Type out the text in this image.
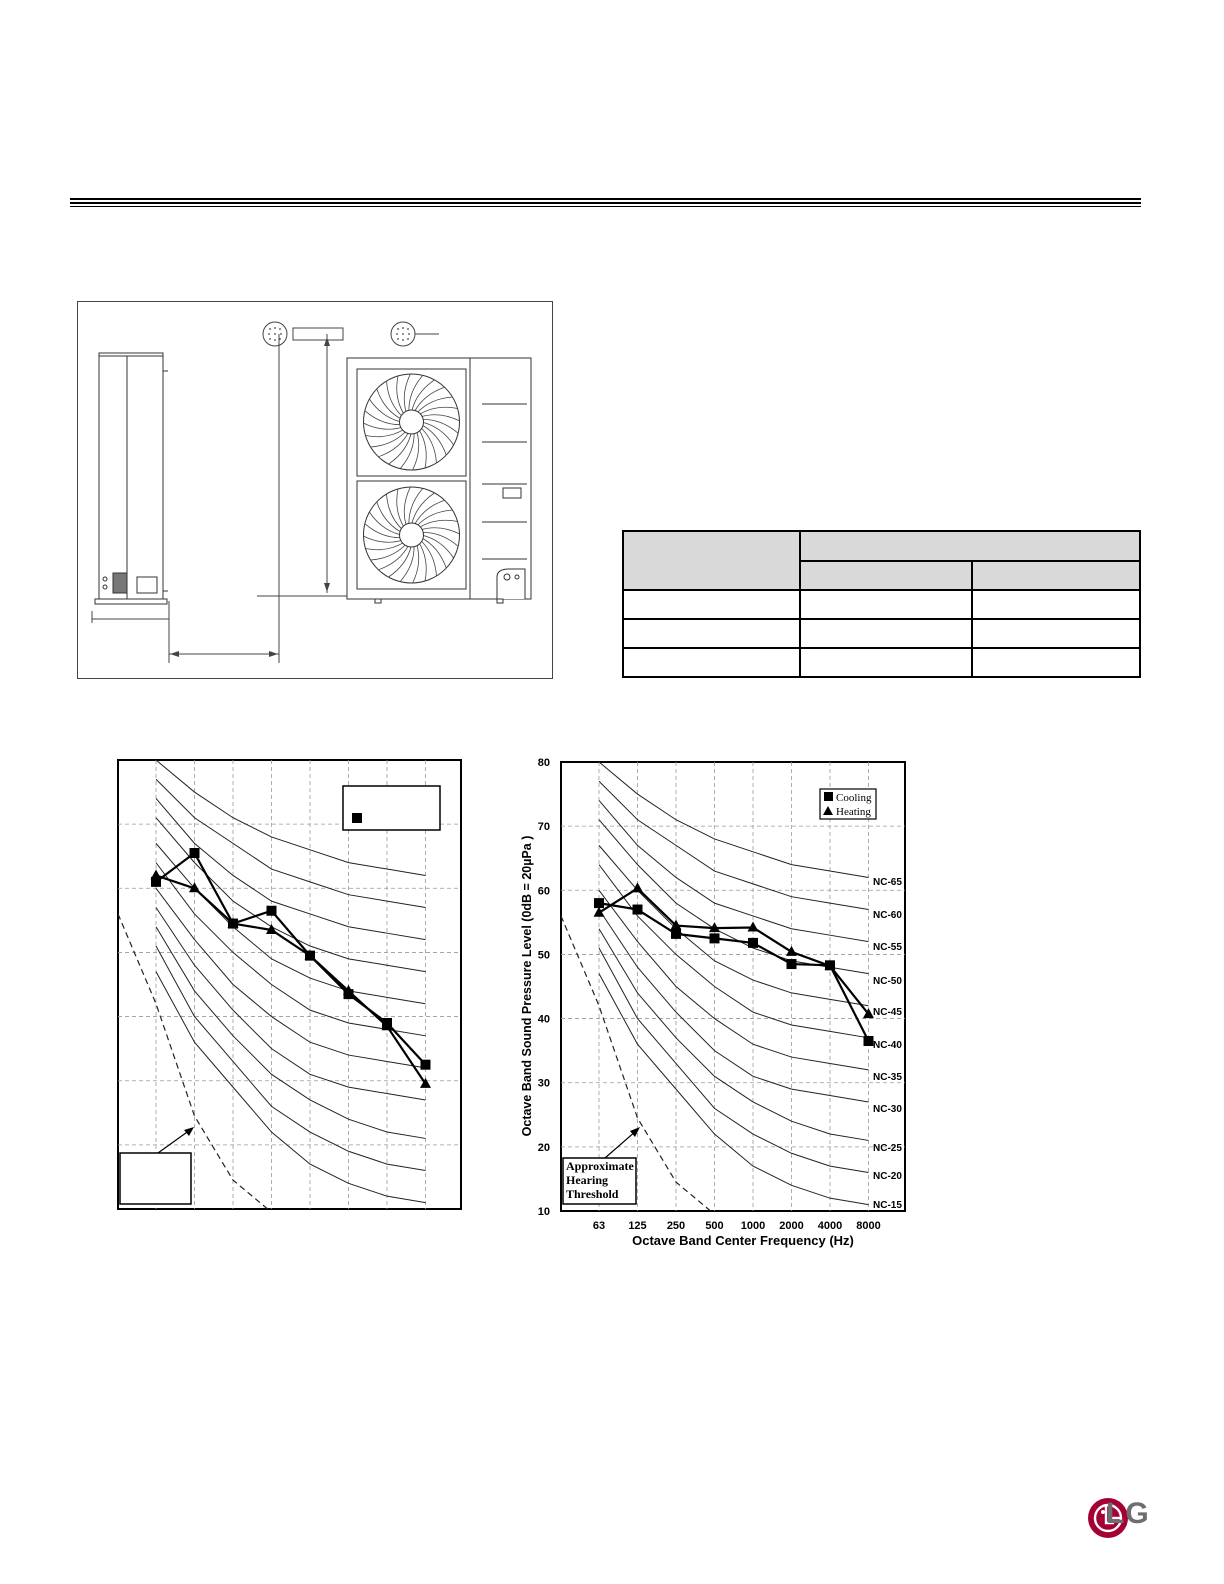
10
20
30
40
50
60
70
80
63 125 250 500 1000 2000 4000 8000
Octave Band Center Frequency (Hz)
Octave Band Sound Pressure Level (0dB = 20µPa )	NC-65
NC-60
NC-55
NC-50
NC-45
NC-40
NC-35
NC-30
NC-25
NC-20
NC-15
Cooling
Heating
Approximate
Hearing
Threshold
LG
